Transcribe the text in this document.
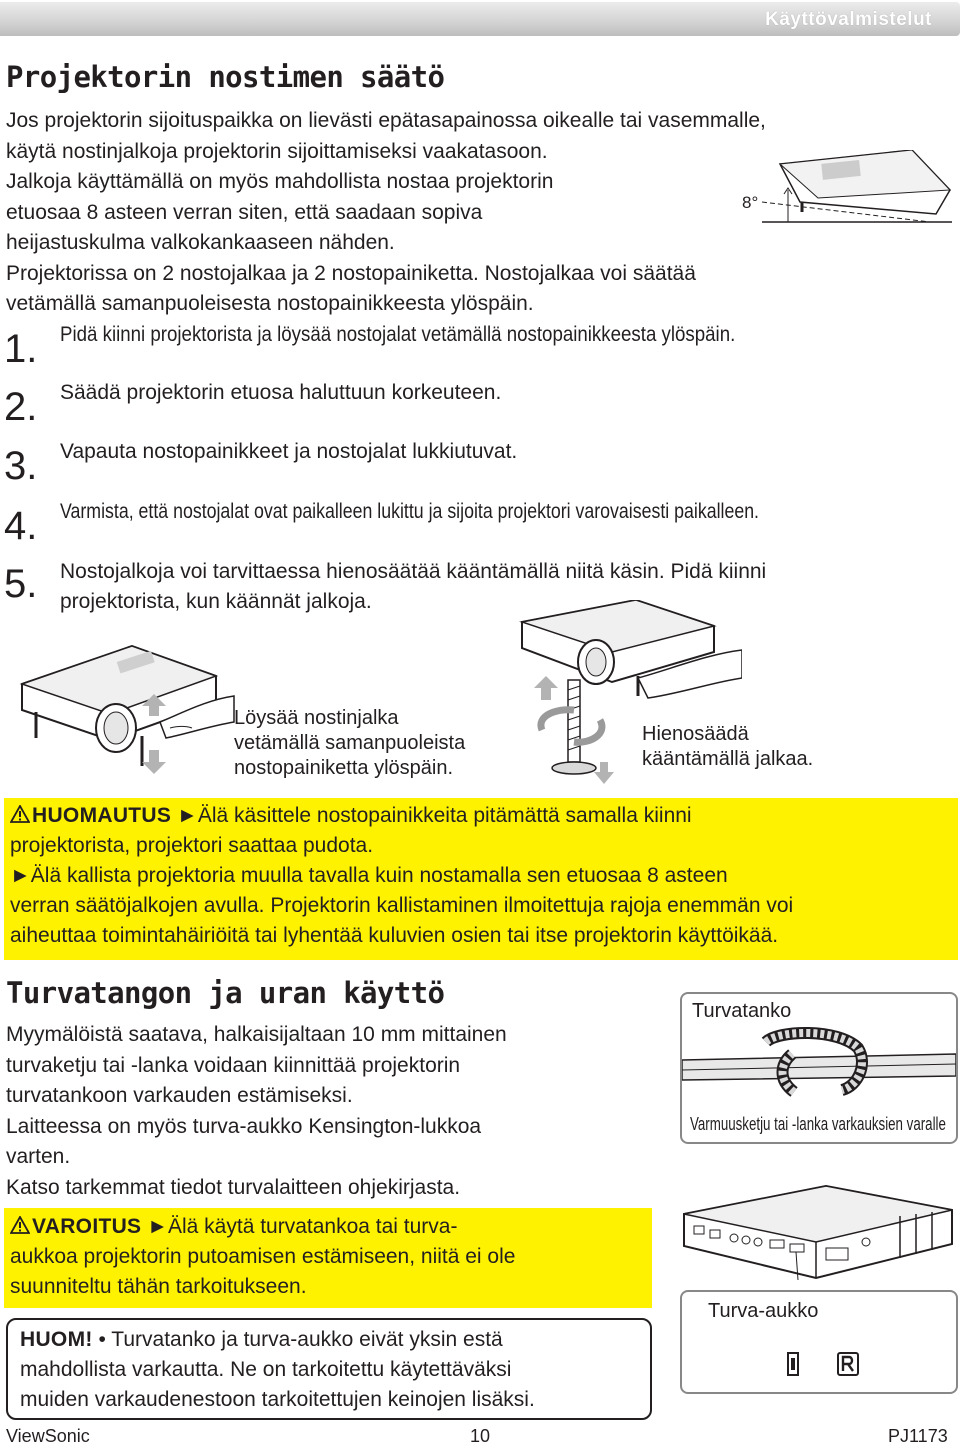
Käyttövalmistelut
Projektorin nostimen säätö
Jos projektorin sijoituspaikka on lievästi epätasapainossa oikealle tai vasemmalle,
käytä nostinjalkoja projektorin sijoittamiseksi vaakatasoon.
Jalkoja käyttämällä on myös mahdollista nostaa projektorin
etuosaa 8 asteen verran siten, että saadaan sopiva
heijastuskulma valkokankaaseen nähden.
Projektorissa on 2 nostojalkaa ja 2 nostopainiketta. Nostojalkaa voi säätää
vetämällä samanpuoleisesta nostopainikkeesta ylöspäin.
8°
1. Pidä kiinni projektorista ja löysää nostojalat vetämällä nostopainikkeesta ylöspäin.
2. Säädä projektorin etuosa haluttuun korkeuteen.
3. Vapauta nostopainikkeet ja nostojalat lukkiutuvat.
4. Varmista, että nostojalat ovat paikalleen lukittu ja sijoita projektori varovaisesti paikalleen.
5. Nostojalkoja voi tarvittaessa hienosäätää kääntämällä niitä käsin. Pidä kiinni
projektorista, kun käännät jalkoja.
Löysää nostinjalka
vetämällä samanpuoleista
nostopainiketta ylöspäin.
Hienosäädä
kääntämällä jalkaa.
HUOMAUTUS ►Älä käsittele nostopainikkeita pitämättä samalla kiinni
projektorista, projektori saattaa pudota.
►Älä kallista projektoria muulla tavalla kuin nostamalla sen etuosaa 8 asteen
verran säätöjalkojen avulla. Projektorin kallistaminen ilmoitettuja rajoja enemmän voi
aiheuttaa toimintahäiriöitä tai lyhentää kuluvien osien tai itse projektorin käyttöikää.
Turvatangon ja uran käyttö
Myymälöistä saatava, halkaisijaltaan 10 mm mittainen
turvaketju tai -lanka voidaan kiinnittää projektorin
turvatankoon varkauden estämiseksi.
Laitteessa on myös turva-aukko Kensington-lukkoa
varten.
Katso tarkemmat tiedot turvalaitteen ohjekirjasta.
Turvatanko
Varmuusketju tai -lanka varkauksien varalle
Turva-aukko
VAROITUS ►Älä käytä turvatankoa tai turva-
aukkoa projektorin putoamisen estämiseen, niitä ei ole
suunniteltu tähän tarkoitukseen.
HUOM! • Turvatanko ja turva-aukko eivät yksin estä
mahdollista varkautta. Ne on tarkoitettu käytettäväksi
muiden varkaudenestoon tarkoitettujen keinojen lisäksi.
ViewSonic	10	PJ1173
